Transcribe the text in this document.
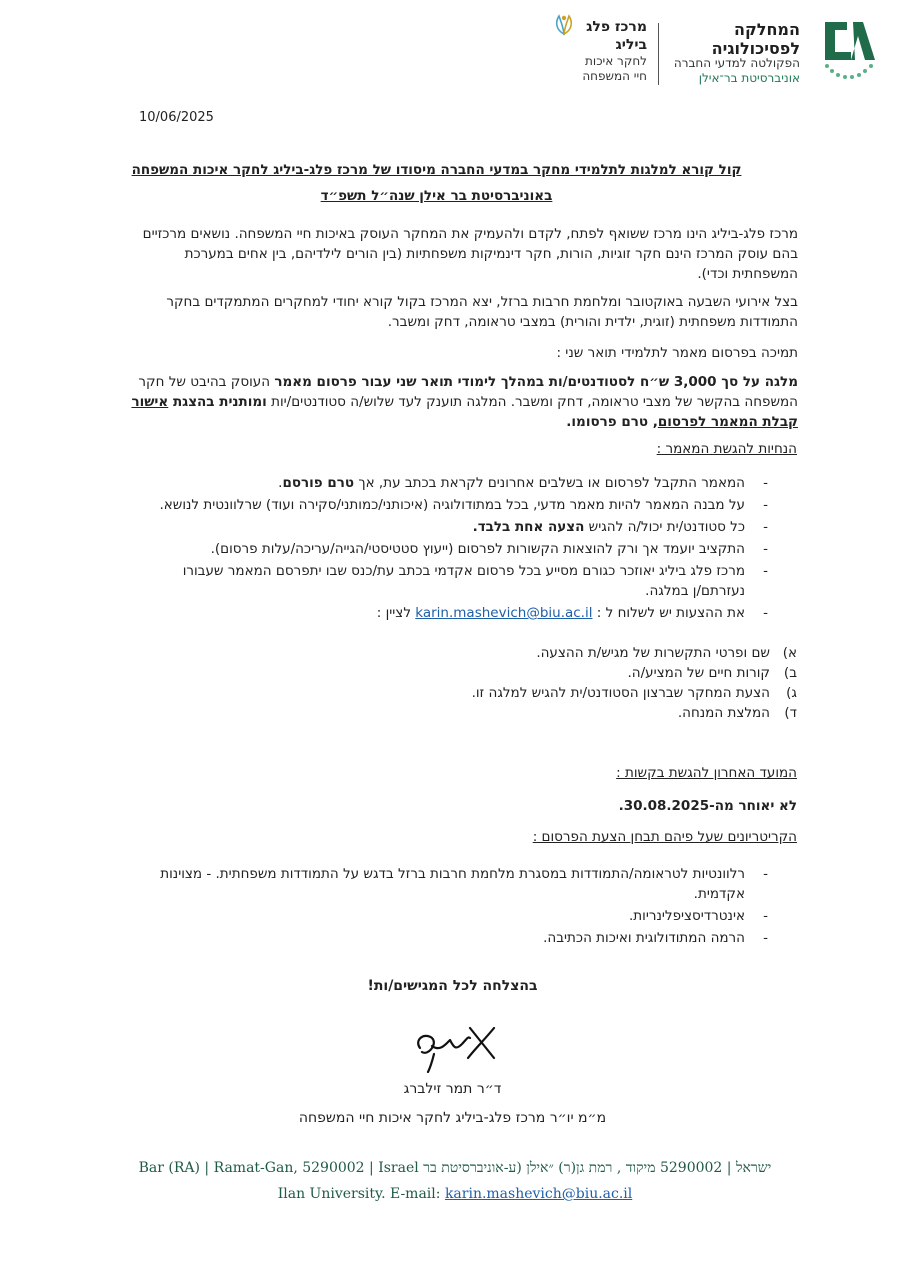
המחלקה
לפסיכולוגיה
הפקולטה למדעי החברה
אוניברסיטת בר־אילן
מרכז פלג
ביליג
לחקר איכות
חיי המשפחה
10/06/2025
קול קורא למלגות לתלמידי מחקר במדעי החברה מיסודו של מרכז פלג-ביליג לחקר איכות המשפחה
באוניברסיטת בר אילן שנה״ל תשפ״ד
מרכז פלג-ביליג הינו מרכז ששואף לפתח, לקדם ולהעמיק את המחקר העוסק באיכות חיי המשפחה. נושאים מרכזיים בהם עוסק המרכז הינם חקר זוגיות, הורות, חקר דינמיקות משפחתיות (בין הורים לילדיהם, בין אחים במערכת המשפחתית וכדי).
בצל אירועי השבעה באוקטובר ומלחמת חרבות ברזל, יצא המרכז בקול קורא יחודי למחקרים המתמקדים בחקר התמודדות משפחתית (זוגית, ילדית והורית) במצבי טראומה, דחק ומשבר.
תמיכה בפרסום מאמר לתלמידי תואר שני :
מלגה על סך 3,000 ש״ח לסטודנטים/ות במהלך לימודי תואר שני עבור פרסום מאמר העוסק בהיבט של חקר המשפחה בהקשר של מצבי טראומה, דחק ומשבר. המלגה תוענק לעד שלוש/ה סטודנטים/יות ומותנית בהצגת אישור קבלת המאמר לפרסום, טרם פרסומו.
הנחיות להגשת המאמר :
- המאמר התקבל לפרסום או בשלבים אחרונים לקראת בכתב עת, אך טרם פורסם.
- על מבנה המאמר להיות מאמר מדעי, בכל במתודולוגיה (איכותני/כמותני/סקירה ועוד) שרלוונטית לנושא.
- כל סטודנט/ית יכול/ה להגיש הצעה אחת בלבד.
- התקציב יועמד אך ורק להוצאות הקשורות לפרסום (ייעוץ סטטיסטי/הגייה/עריכה/עלות פרסום).
- מרכז פלג ביליג יאוזכר כגורם מסייע בכל פרסום אקדמי בכתב עת/כנס שבו יתפרסם המאמר שעבורו נעזרתם/ן במלגה.
- את ההצעות יש לשלוח ל : karin.mashevich@biu.ac.il לציין :
א)
שם ופרטי התקשרות של מגיש/ת ההצעה.
ב)
קורות חיים של המציע/ה.
ג)
הצעת המחקר שברצון הסטודנט/ית להגיש למלגה זו.
ד)
המלצת המנחה.
המועד האחרון להגשת בקשות :
לא יאוחר מה-30.08.2025.
הקריטריונים שעל פיהם תבחן הצעת הפרסום :
- רלוונטיות לטראומה/התמודדות במסגרת מלחמת חרבות ברזל בדגש על התמודדות משפחתית. - מצוינות אקדמית.
- אינטרדיסציפלינריות.
- הרמה המתודולוגית ואיכות הכתיבה.
בהצלחה לכל המגישים/ות!
ד״ר תמר זילברג
מ״מ יו״ר מרכז פלג-ביליג לחקר איכות חיי המשפחה
Bar (RA) | Ramat-Gan, 5290002 | Israel ישראל | 5290002 מיקוד , רמת גן(ר) ״אילן (ע-אוניברסיטת בר
Ilan University. E-mail: karin.mashevich@biu.ac.il
